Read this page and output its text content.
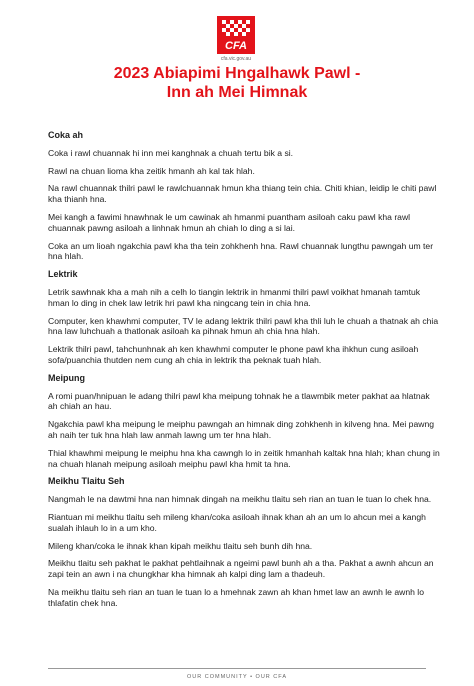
CFA
cfa.vic.gov.au
2023 Abiapimi Hngalhawk Pawl -
Inn ah Mei Himnak
Coka ah
Coka i rawl chuannak hi inn mei kanghnak a chuah tertu bik a si.
Rawl na chuan lioma kha zeitik hmanh ah kal tak hlah.
Na rawl chuannak thilri pawl le rawlchuannak hmun kha thiang tein chia. Chiti khian, leidip le chiti pawl kha thianh hna.
Mei kangh a fawimi hnawhnak le um cawinak ah hmanmi puantham asiloah caku pawl kha rawl chuannak pawng asiloah a linhnak hmun ah chiah lo ding a si lai.
Coka an um lioah ngakchia pawl kha tha tein zohkhenh hna. Rawl chuannak lungthu pawngah um ter hna hlah.
Lektrik
Letrik sawhnak kha a mah nih a celh lo tiangin lektrik in hmanmi thilri pawl voikhat hmanah tamtuk hman lo ding in chek law letrik hri pawl kha ningcang tein in chia hna.
Computer, ken khawhmi computer, TV le adang lektrik thilri pawl kha thli luh le chuah a thatnak ah chia hna law luhchuah a thatlonak asiloah ka pihnak hmun ah chia hna hlah.
Lektrik thilri pawl, tahchunhnak ah ken khawhmi computer le phone pawl kha ihkhun cung asiloah sofa/puanchia thutden nem cung ah chia in lektrik tha peknak tuah hlah.
Meipung
A romi puan/hnipuan le adang thilri pawl kha meipung tohnak he a tlawmbik meter pakhat aa hlatnak ah chiah an hau.
Ngakchia pawl kha meipung le meiphu pawngah an himnak ding zohkhenh in kilveng hna. Mei pawng ah naih ter tuk hna hlah law anmah lawng um ter hna hlah.
Thial khawhmi meipung le meiphu hna kha cawngh lo in zeitik hmanhah kaltak hna hlah; khan chung in na chuah hlanah meipung asiloah meiphu pawl kha hmit ta hna.
Meikhu Tlaitu Seh
Nangmah le na dawtmi hna nan himnak dingah na meikhu tlaitu seh rian an tuan le tuan lo chek hna.
Riantuan mi meikhu tlaitu seh mileng khan/coka asiloah ihnak khan ah an um lo ahcun mei a kangh sualah ihlauh lo in a um kho.
Mileng khan/coka le ihnak khan kipah meikhu tlaitu seh bunh dih hna.
Meikhu tlaitu seh pakhat le pakhat pehtlaihnak a ngeimi pawl bunh ah a tha. Pakhat a awnh ahcun an zapi tein an awn i na chungkhar kha himnak ah kalpi ding lam a thadeuh.
Na meikhu tlaitu seh rian an tuan le tuan lo a hmehnak zawn ah khan hmet law an awnh le awnh lo thlafatin chek hna.
OUR COMMUNITY • OUR CFA
